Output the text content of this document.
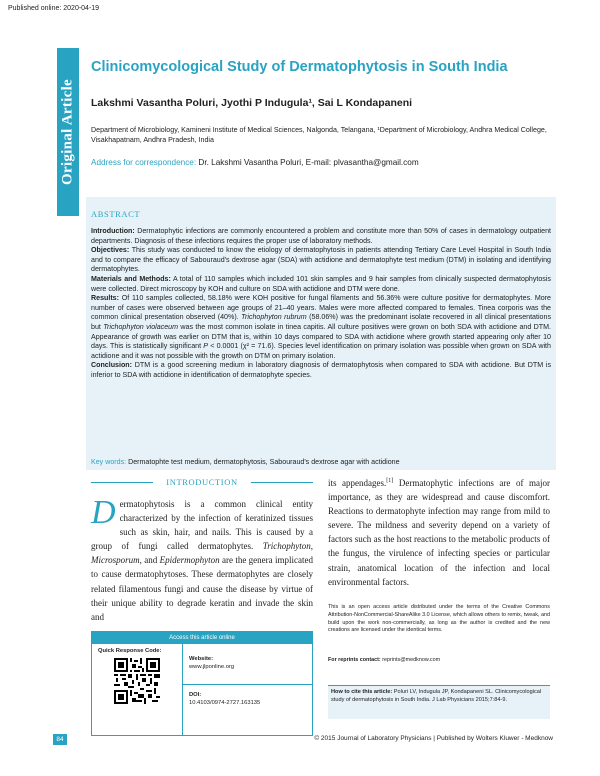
Published online: 2020-04-19
Original Article
Clinicomycological Study of Dermatophytosis in South India
Lakshmi Vasantha Poluri, Jyothi P Indugula¹, Sai L Kondapaneni
Department of Microbiology, Kamineni Institute of Medical Sciences, Nalgonda, Telangana, ¹Department of Microbiology, Andhra Medical College, Visakhapatnam, Andhra Pradesh, India
Address for correspondence: Dr. Lakshmi Vasantha Poluri, E-mail: plvasantha@gmail.com
ABSTRACT

Introduction: Dermatophytic infections are commonly encountered a problem and constitute more than 50% of cases in dermatology outpatient departments. Diagnosis of these infections requires the proper use of laboratory methods.

Objectives: This study was conducted to know the etiology of dermatophytosis in patients attending Tertiary Care Level Hospital in South India and to compare the efficacy of Sabouraud's dextrose agar (SDA) with actidione and dermatophyte test medium (DTM) in isolating and identifying dermatophytes.

Materials and Methods: A total of 110 samples which included 101 skin samples and 9 hair samples from clinically suspected dermatophytosis were collected. Direct microscopy by KOH and culture on SDA with actidione and DTM were done.

Results: Of 110 samples collected, 58.18% were KOH positive for fungal filaments and 56.36% were culture positive for dermatophytes. More number of cases were observed between age groups of 21–40 years. Males were more affected compared to females. Tinea corporis was the common clinical presentation observed (40%). Trichophyton rubrum (58.06%) was the predominant isolate recovered in all clinical presentations but Trichophyton violaceum was the most common isolate in tinea capitis. All culture positives were grown on both SDA with actidione and DTM. Appearance of growth was earlier on DTM that is, within 10 days compared to SDA with actidione where growth started appearing only after 10 days. This is statistically significant P < 0.0001 (χ² = 71.6). Species level identification on primary isolation was possible when grown on SDA with actidione and it was not possible with the growth on DTM on primary isolation.

Conclusion: DTM is a good screening medium in laboratory diagnosis of dermatophytosis when compared to SDA with actidione. But DTM is inferior to SDA with actidione in identification of dermatophyte species.

Key words: Dermatophte test medium, dermatophytosis, Sabouraud's dextrose agar with actidione
INTRODUCTION
Dermatophytosis is a common clinical entity characterized by the infection of keratinized tissues such as skin, hair, and nails. This is caused by a group of fungi called dermatophytes. Trichophyton, Microsporum, and Epidermophyton are the genera implicated to cause dermatophytoses. These dermatophytes are closely related filamentous fungi and cause the disease by virtue of their unique ability to degrade keratin and invade the skin and
its appendages.[1] Dermatophytic infections are of major importance, as they are widespread and cause discomfort. Reactions to dermatophyte infection may range from mild to severe. The mildness and severity depend on a variety of factors such as the host reactions to the metabolic products of the fungus, the virulence of infecting species or particular strain, anatomical location of the infection and local environmental factors.
This is an open access article distributed under the terms of the Creative Commons Attribution-NonCommercial-ShareAlike 3.0 License, which allows others to remix, tweak, and build upon the work non-commercially, as long as the author is credited and the new creations are licensed under the identical terms.
For reprints contact: reprints@medknow.com
How to cite this article: Poluri LV, Indugula JP, Kondapaneni SL. Clinicomycological study of dermatophytosis in South India. J Lab Physicians 2015;7:84-9.
Access this article online
Quick Response Code:
Website:
www.jlponline.org
DOI:
10.4103/0974-2727.163135
84	© 2015 Journal of Laboratory Physicians | Published by Wolters Kluwer - Medknow
